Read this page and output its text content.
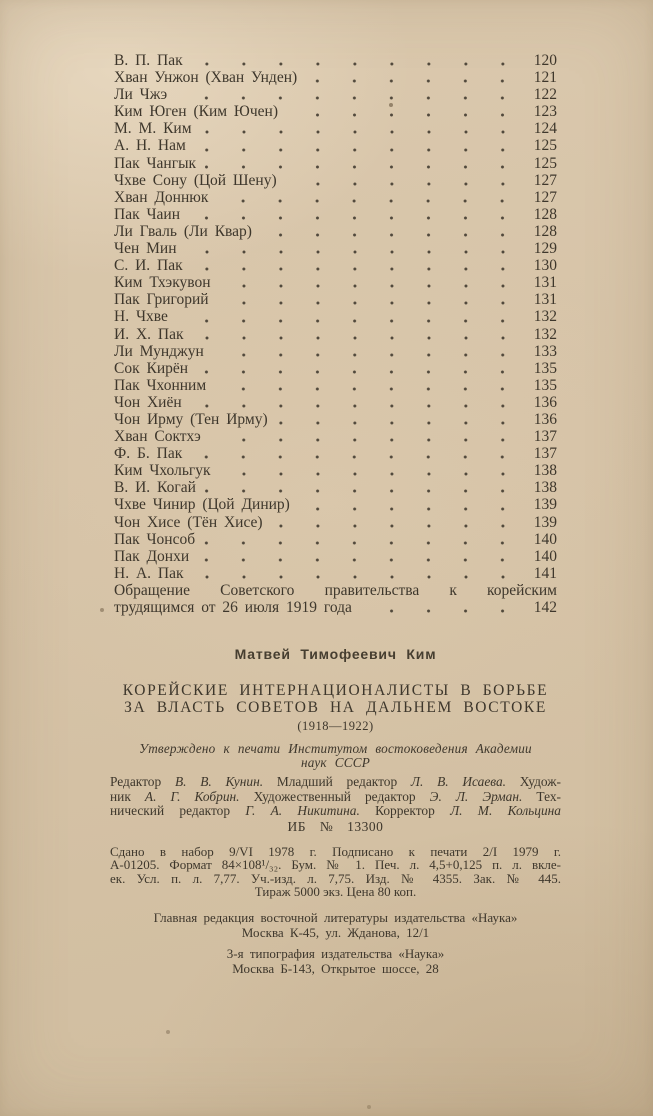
В. П. Пак	120
Хван Унжон (Хван Унден)	121
Ли Чжэ	122
Ким Юген (Ким Ючен)	123
М. М. Ким	124
А. Н. Нам	125
Пак Чангык	125
Чхве Сону (Цой Шену)	127
Хван Доннюк	127
Пак Чаин	128
Ли Гваль (Ли Квар)	128
Чен Мин	129
С. И. Пак	130
Ким Тхэкувон	131
Пак Григорий	131
Н. Чхве	132
И. Х. Пак	132
Ли Мунджун	133
Сок Кирён	135
Пак Чхонним	135
Чон Хиён	136
Чон Ирму (Тен Ирму)	136
Хван Соктхэ	137
Ф. Б. Пак	137
Ким Чхольгук	138
В. И. Когай	138
Чхве Чинир (Цой Динир)	139
Чон Хисе (Тён Хисе)	139
Пак Чонсоб	140
Пак Донхи	140
Н. А. Пак	141
Обращение Советского правительства к корейским
трудящимся от 26 июля 1919 года	142
Матвей Тимофеевич Ким
КОРЕЙСКИЕ ИНТЕРНАЦИОНАЛИСТЫ В БОРЬБЕ
ЗА ВЛАСТЬ СОВЕТОВ НА ДАЛЬНЕМ ВОСТОКЕ
(1918—1922)
Утверждено к печати Институтом востоковедения Академии
наук СССР
Редактор В. В. Кунин. Младший редактор Л. В. Исаева. Худож-
ник А. Г. Кобрин. Художественный редактор Э. Л. Эрман. Тех-
нический редактор Г. А. Никитина. Корректор Л. М. Кольцина
ИБ № 13300
Сдано в набор 9/VI 1978 г. Подписано к печати 2/I 1979 г.
А-01205. Формат 84×108¹/₃₂. Бум. № 1. Печ. л. 4,5+0,125 п. л. вкле-
ек. Усл. п. л. 7,77. Уч.-изд. л. 7,75. Изд. № 4355. Зак. № 445.
Тираж 5000 экз. Цена 80 коп.
Главная редакция восточной литературы издательства «Наука»
Москва К-45, ул. Жданова, 12/1
3-я типография издательства «Наука»
Москва Б-143, Открытое шоссе, 28
